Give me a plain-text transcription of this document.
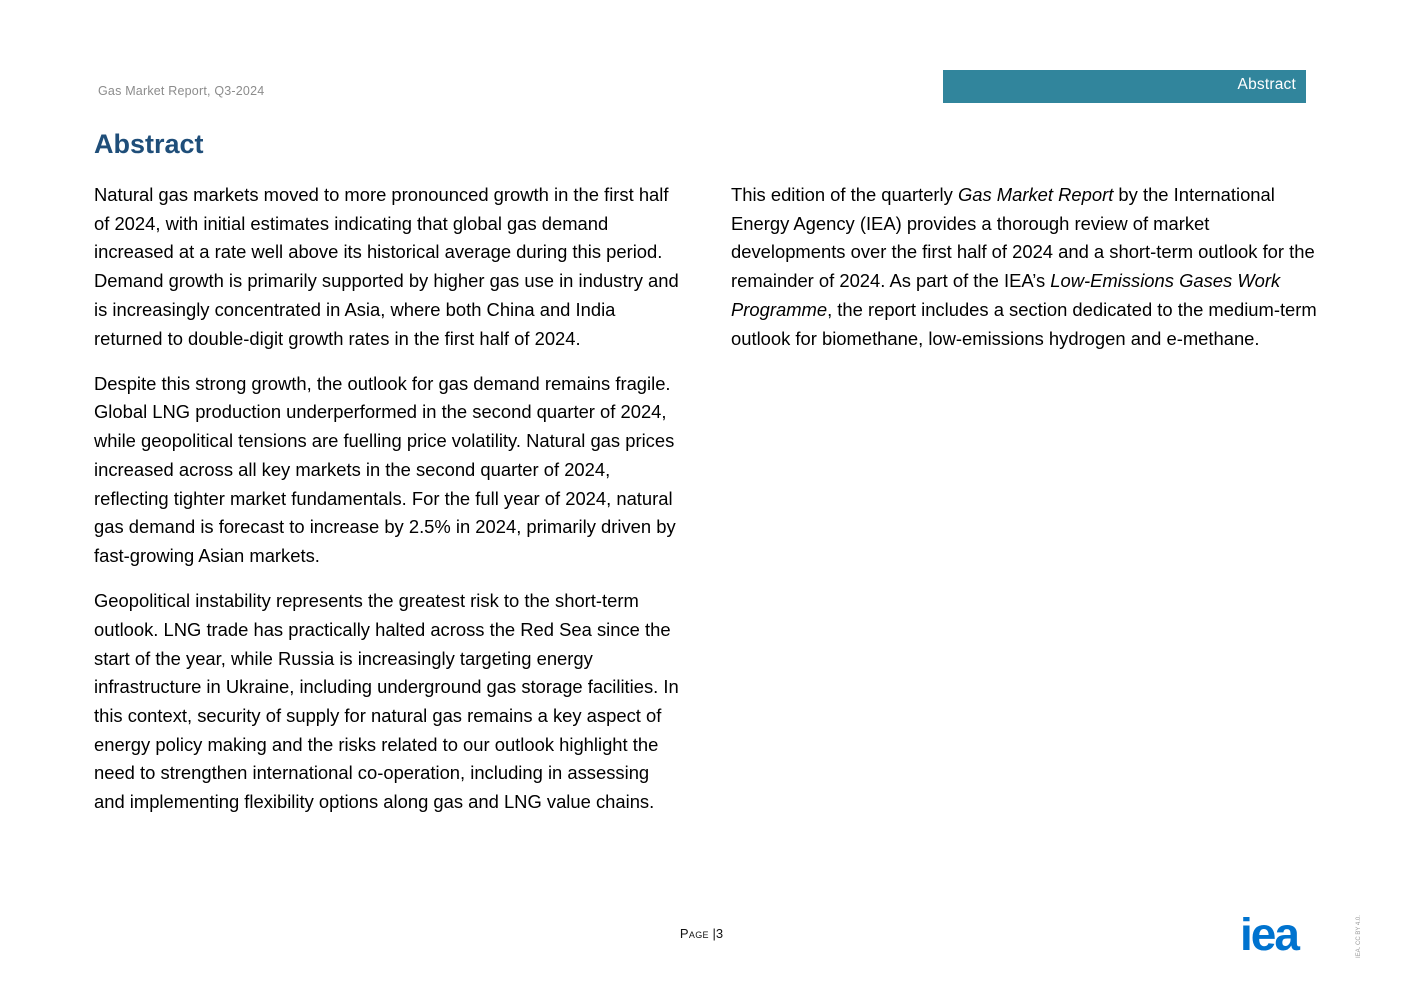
Gas Market Report, Q3-2024	Abstract
Abstract

Natural gas markets moved to more pronounced growth in the first half of 2024, with initial estimates indicating that global gas demand increased at a rate well above its historical average during this period. Demand growth is primarily supported by higher gas use in industry and is increasingly concentrated in Asia, where both China and India returned to double-digit growth rates in the first half of 2024.

Despite this strong growth, the outlook for gas demand remains fragile. Global LNG production underperformed in the second quarter of 2024, while geopolitical tensions are fuelling price volatility. Natural gas prices increased across all key markets in the second quarter of 2024, reflecting tighter market fundamentals. For the full year of 2024, natural gas demand is forecast to increase by 2.5% in 2024, primarily driven by fast-growing Asian markets.

Geopolitical instability represents the greatest risk to the short-term outlook. LNG trade has practically halted across the Red Sea since the start of the year, while Russia is increasingly targeting energy infrastructure in Ukraine, including underground gas storage facilities. In this context, security of supply for natural gas remains a key aspect of energy policy making and the risks related to our outlook highlight the need to strengthen international co-operation, including in assessing and implementing flexibility options along gas and LNG value chains.

This edition of the quarterly Gas Market Report by the International Energy Agency (IEA) provides a thorough review of market developments over the first half of 2024 and a short-term outlook for the remainder of 2024. As part of the IEA’s Low-Emissions Gases Work Programme, the report includes a section dedicated to the medium-term outlook for biomethane, low-emissions hydrogen and e-methane.

Page |3	iea	IEA. CC BY 4.0.
